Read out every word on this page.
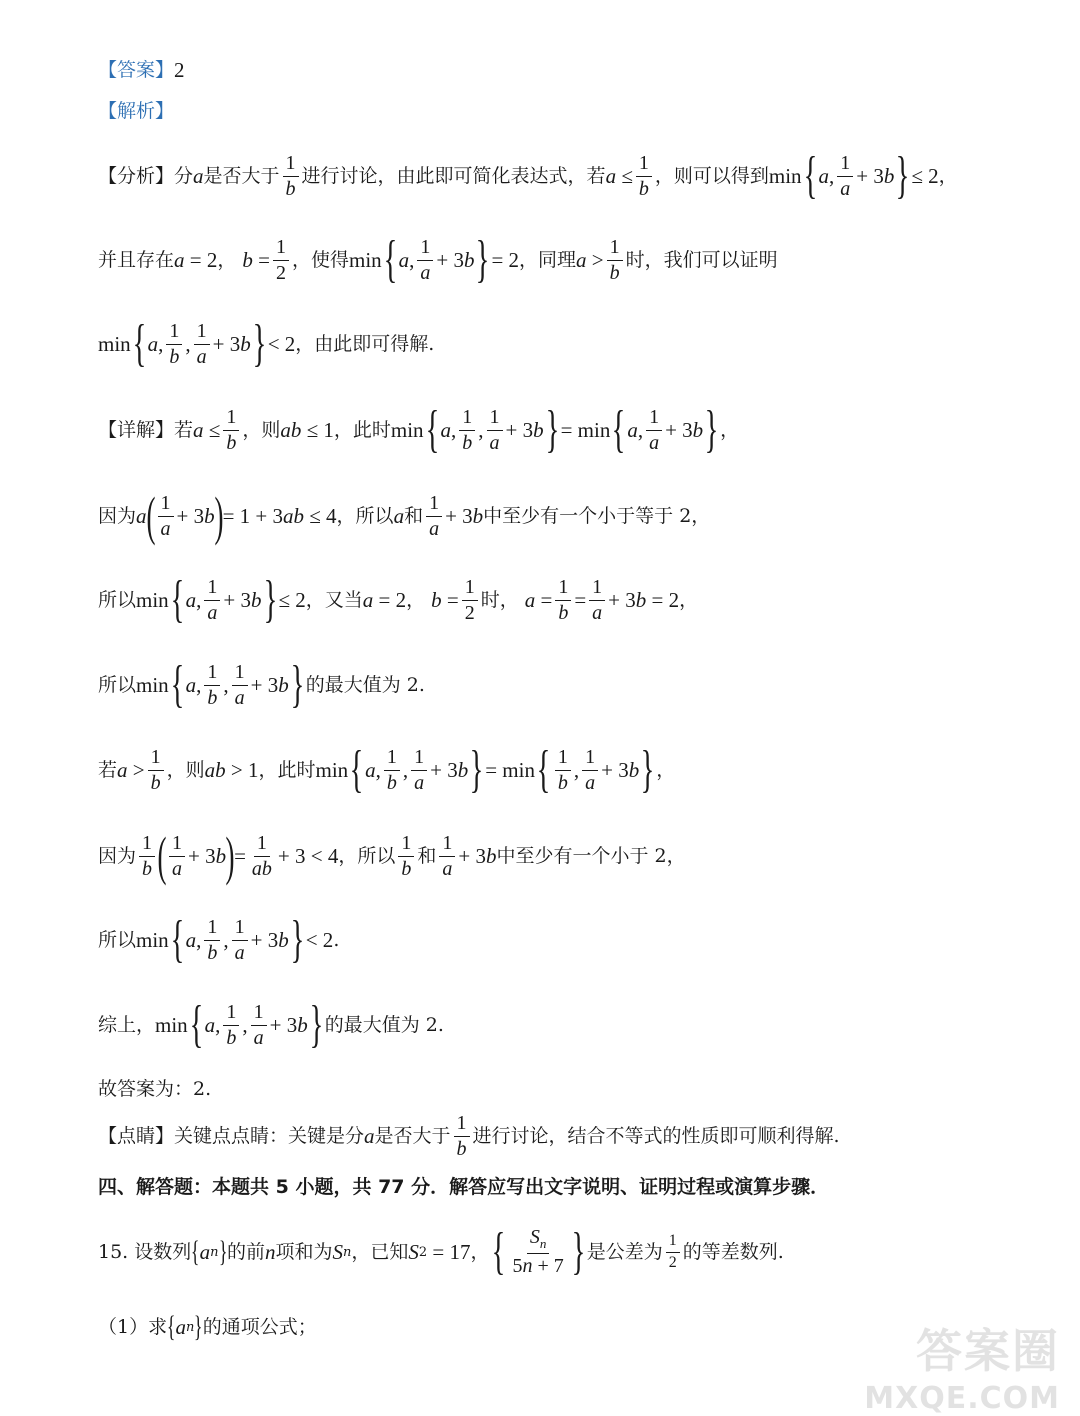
【答案】 2
【解析】
【分析】 分 a 是否大于
1
b
进行讨论，由此即可简化表达式，若 $a \le \frac{1}{b}$ ，则可以得到 min { a ,
1
a
+ 3b } ≤ 2 ，
并且存在 a = 2 ， $b = \frac{1}{2}$ ，使得 min { a ,
1
a
+ 3b } = 2 ，同理 a >
1
b
时，我们可以证明
min { a ,
1
b
,
1
a
+ 3b } < 2 ，由此即可得解.
【详解】 若 $a \le \frac{1}{b}$ ，则 ab ≤ 1 ，此时 min { a ,
1
b
,
1
a
+ 3b } = min { a ,
1
a
+ 3b } ，
因为 a ( 1
a
+ 3b ) = 1 + 3ab ≤ 4 ，所以 a 和
1
a
+ 3b 中至少有一个小于等于 2，
所以 min { a ,
1
a
+ 3b } ≤ 2 ，又当 a = 2 ， $b = \frac{1}{2}$ 时， $a = \frac{1}{b} = \frac{1}{a} + 3b = 2$ ，
所以 min { a ,
1
b
,
1
a
+ 3b } 的最大值为 2.
若 a >
1
b
，则 ab > 1 ，此时 min { a ,
1
b
,
1
a
+ 3b } = min { 1
b
,
1
a
+ 3b } ，
因为
1
b ( 1
a
+ 3b ) = $\frac{1}{ab} + 3 < 4$ ，所以
1
b
和
1
a
+ 3b 中至少有一个小于 2，
所以 min { a ,
1
b
,
1
a
+ 3b } < 2 .
综上， min { a ,
1
b
,
1
a
+ 3b } 的最大值为 2.
故答案为：2.
【点睛】 关键点点睛：关键是分 a 是否大于
1
b
进行讨论，结合不等式的性质即可顺利得解.
四、解答题：本题共 5 小题，共 77 分．解答应写出文字说明、证明过程或演算步骤．
15. 设数列 { a n } 的前 n 项和为 S n ，已知 S 2 = 17 ， { $S_n$
5n + 7 } 是公差为 1
2 的等差数列.
（1）求 { a n } 的通项公式；	答案圈
MXQE.COM
